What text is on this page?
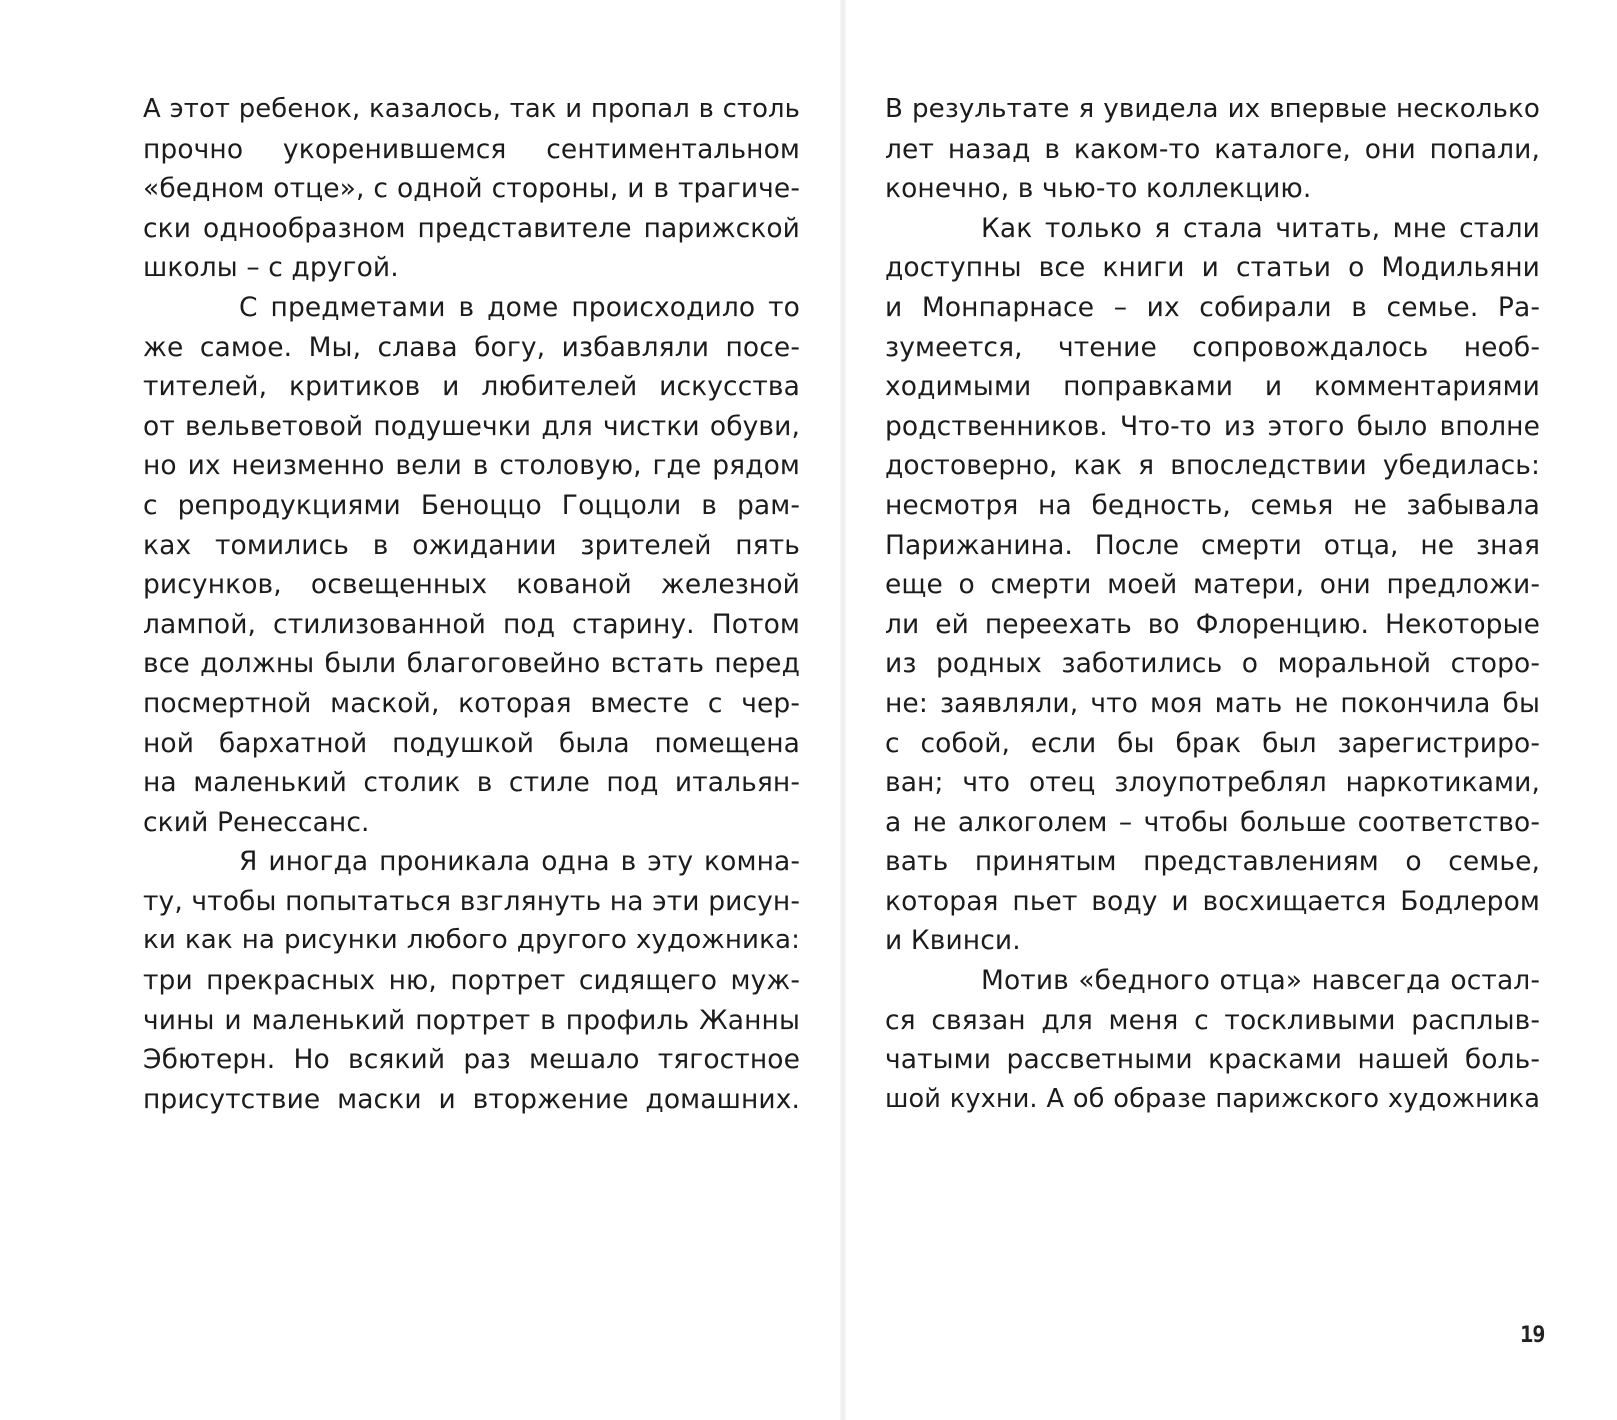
А этот ребенок, казалось, так и пропал в столь
прочно укоренившемся сентиментальном
«бедном отце», с одной стороны, и в трагиче-
ски однообразном представителе парижской
школы – с другой.
С предметами в доме происходило то
же самое. Мы, слава богу, избавляли посе-
тителей, критиков и любителей искусства
от вельветовой подушечки для чистки обуви,
но их неизменно вели в столовую, где рядом
с репродукциями Беноццо Гоццоли в рам-
ках томились в ожидании зрителей пять
рисунков, освещенных кованой железной
лампой, стилизованной под старину. Потом
все должны были благоговейно встать перед
посмертной маской, которая вместе с чер-
ной бархатной подушкой была помещена
на маленький столик в стиле под итальян-
ский Ренессанс.
Я иногда проникала одна в эту комна-
ту, чтобы попытаться взглянуть на эти рисун-
ки как на рисунки любого другого художника:
три прекрасных ню, портрет сидящего муж-
чины и маленький портрет в профиль Жанны
Эбютерн. Но всякий раз мешало тягостное
присутствие маски и вторжение домашних.
В результате я увидела их впервые несколько
лет назад в каком-то каталоге, они попали,
конечно, в чью-то коллекцию.
Как только я стала читать, мне стали
доступны все книги и статьи о Модильяни
и Монпарнасе – их собирали в семье. Ра-
зумеется, чтение сопровождалось необ-
ходимыми поправками и комментариями
родственников. Что-то из этого было вполне
достоверно, как я впоследствии убедилась:
несмотря на бедность, семья не забывала
Парижанина. После смерти отца, не зная
еще о смерти моей матери, они предложи-
ли ей переехать во Флоренцию. Некоторые
из родных заботились о моральной сторо-
не: заявляли, что моя мать не покончила бы
с собой, если бы брак был зарегистриро-
ван; что отец злоупотреблял наркотиками,
а не алкоголем – чтобы больше соответство-
вать принятым представлениям о семье,
которая пьет воду и восхищается Бодлером
и Квинси.
Мотив «бедного отца» навсегда остал-
ся связан для меня с тоскливыми расплыв-
чатыми рассветными красками нашей боль-
шой кухни. А об образе парижского художника
19
